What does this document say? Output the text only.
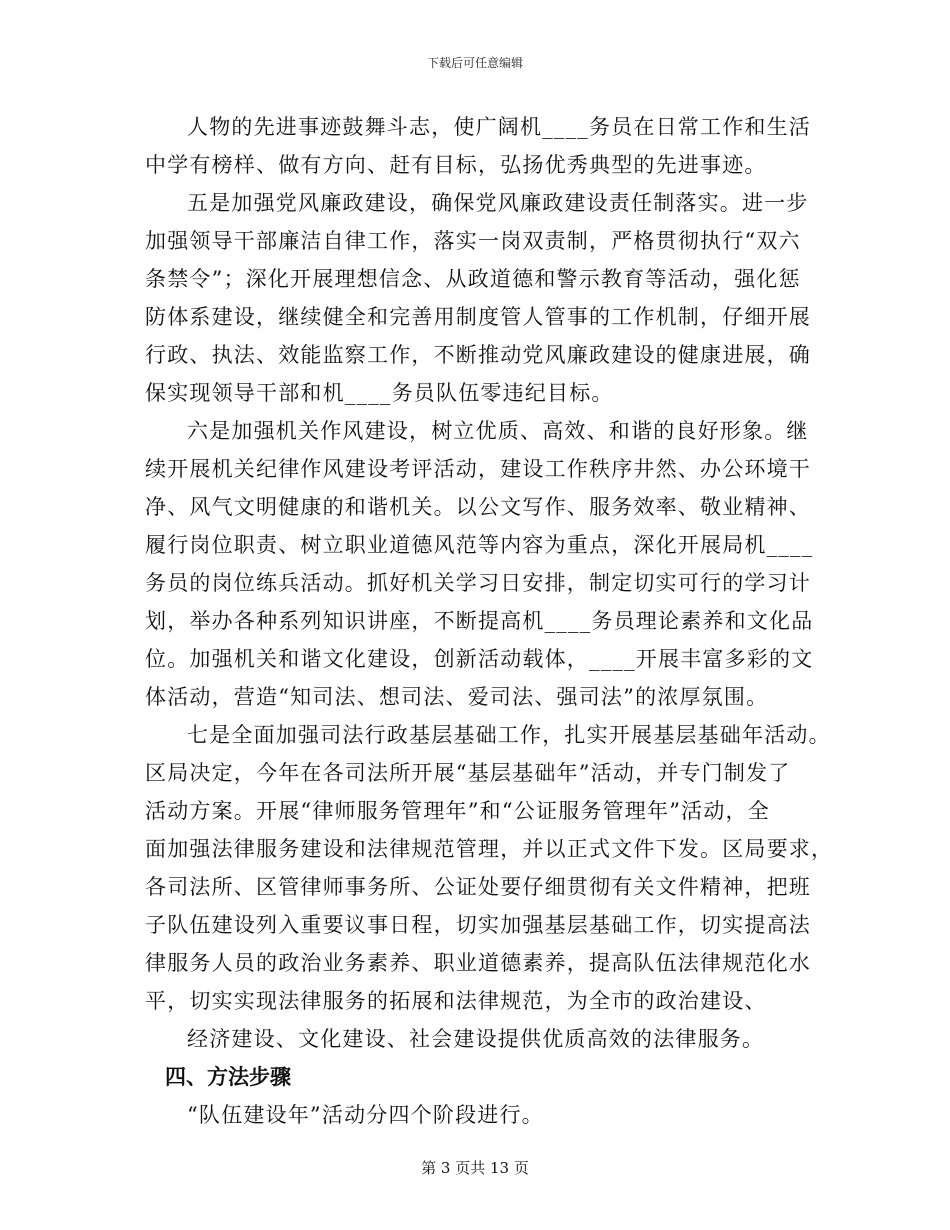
下载后可任意编辑
人物的先进事迹鼓舞斗志，使广阔机____务员在日常工作和生活
中学有榜样、做有方向、赶有目标，弘扬优秀典型的先进事迹。
五是加强党风廉政建设，确保党风廉政建设责任制落实。进一步
加强领导干部廉洁自律工作，落实一岗双责制，严格贯彻执行“双六
条禁令”；深化开展理想信念、从政道德和警示教育等活动，强化惩
防体系建设，继续健全和完善用制度管人管事的工作机制，仔细开展
行政、执法、效能监察工作，不断推动党风廉政建设的健康进展，确
保实现领导干部和机____务员队伍零违纪目标。
六是加强机关作风建设，树立优质、高效、和谐的良好形象。继
续开展机关纪律作风建设考评活动，建设工作秩序井然、办公环境干
净、风气文明健康的和谐机关。以公文写作、服务效率、敬业精神、
履行岗位职责、树立职业道德风范等内容为重点，深化开展局机____
务员的岗位练兵活动。抓好机关学习日安排，制定切实可行的学习计
划，举办各种系列知识讲座，不断提高机____务员理论素养和文化品
位。加强机关和谐文化建设，创新活动载体，____开展丰富多彩的文
体活动，营造“知司法、想司法、爱司法、强司法”的浓厚氛围。
七是全面加强司法行政基层基础工作，扎实开展基层基础年活动。
区局决定，今年在各司法所开展“基层基础年”活动，并专门制发了
活动方案。开展“律师服务管理年”和“公证服务管理年”活动，全
面加强法律服务建设和法律规范管理，并以正式文件下发。区局要求，
各司法所、区管律师事务所、公证处要仔细贯彻有关文件精神，把班
子队伍建设列入重要议事日程，切实加强基层基础工作，切实提高法
律服务人员的政治业务素养、职业道德素养，提高队伍法律规范化水
平，切实实现法律服务的拓展和法律规范，为全市的政治建设、
经济建设、文化建设、社会建设提供优质高效的法律服务。
四、方法步骤
“队伍建设年”活动分四个阶段进行。
第 3 页共 13 页
